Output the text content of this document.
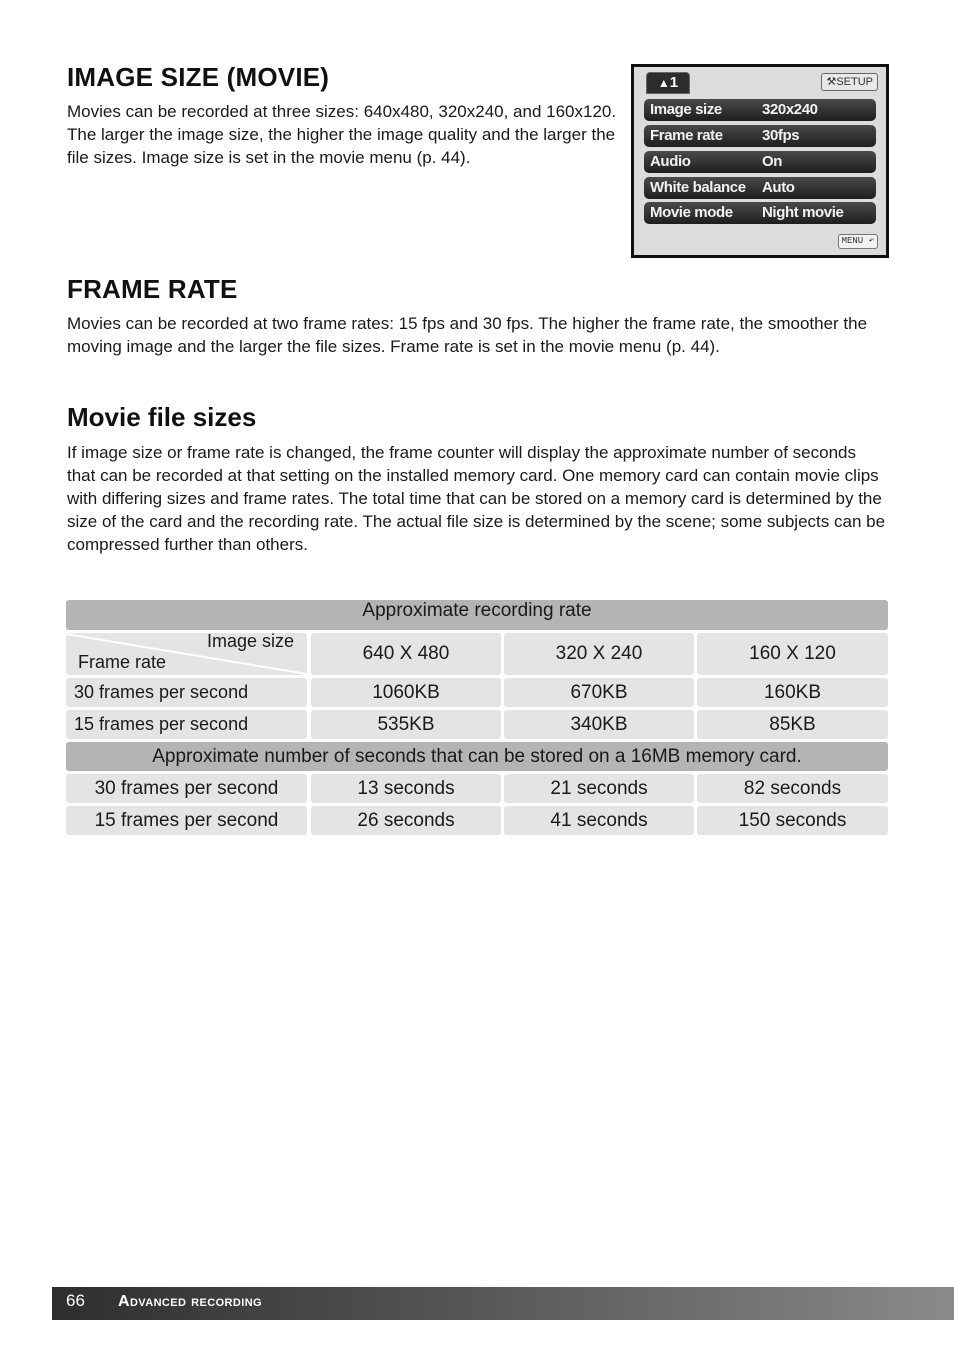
IMAGE SIZE (MOVIE)

Movies can be recorded at three sizes: 640x480, 320x240, and 160x120. The larger the image size, the higher the image quality and the larger the file sizes. Image size is set in the movie menu (p. 44).

▲1	⚒SETUP
Image size	320x240
Frame rate	30fps
Audio	On
White balance Auto
Movie mode Night movie
MENU ↶
FRAME RATE

Movies can be recorded at two frame rates: 15 fps and 30 fps. The higher the frame rate, the smoother the moving image and the larger the file sizes. Frame rate is set in the movie menu (p. 44).

Movie file sizes

If image size or frame rate is changed, the frame counter will display the approximate number of seconds that can be recorded at that setting on the installed memory card. One memory card can contain movie clips with differing sizes and frame rates. The total time that can be stored on a memory card is determined by the size of the card and the recording rate. The actual file size is determined by the scene; some subjects can be compressed further than others.

Approximate recording rate
Image size
Frame rate	640 X 480	320 X 240	160 X 120
30 frames per second	1060KB	670KB	160KB
15 frames per second	535KB	340KB	85KB
Approximate number of seconds that can be stored on a 16MB memory card.
30 frames per second	13 seconds	21 seconds	82 seconds
15 frames per second	26 seconds	41 seconds	150 seconds
66 Advanced recording
